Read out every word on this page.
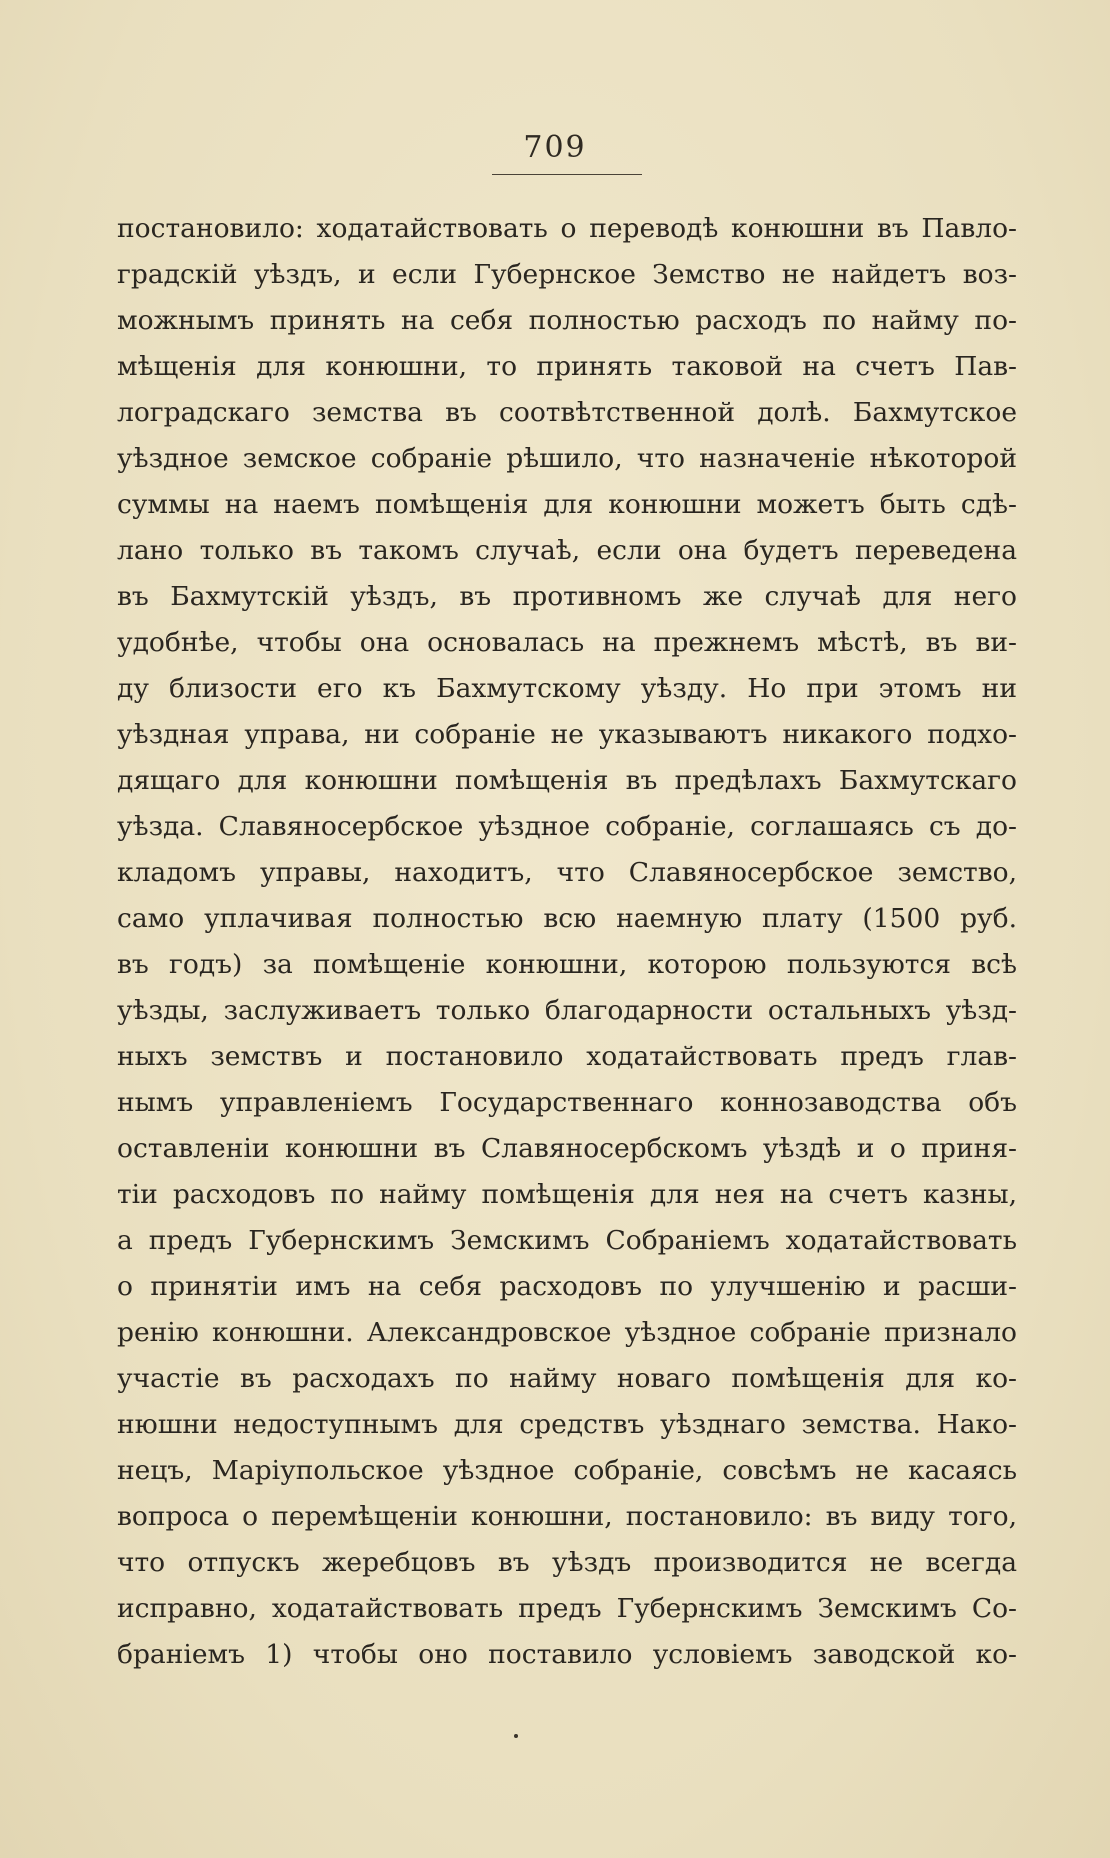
709
постановило: ходатайствовать о переводѣ конюшни въ Павло-
градскій уѣздъ, и если Губернское Земство не найдетъ воз-
можнымъ принять на себя полностью расходъ по найму по-
мѣщенія для конюшни, то принять таковой на счетъ Пав-
лоградскаго земства въ соотвѣтственной долѣ. Бахмутское
уѣздное земское собраніе рѣшило, что назначеніе нѣкоторой
суммы на наемъ помѣщенія для конюшни можетъ быть сдѣ-
лано только въ такомъ случаѣ, если она будетъ переведена
въ Бахмутскій уѣздъ, въ противномъ же случаѣ для него
удобнѣе, чтобы она основалась на прежнемъ мѣстѣ, въ ви-
ду близости его къ Бахмутскому уѣзду. Но при этомъ ни
уѣздная управа, ни собраніе не указываютъ никакого подхо-
дящаго для конюшни помѣщенія въ предѣлахъ Бахмутскаго
уѣзда. Славяносербское уѣздное собраніе, соглашаясь съ до-
кладомъ управы, находитъ, что Славяносербское земство,
само уплачивая полностью всю наемную плату (1500 руб.
въ годъ) за помѣщеніе конюшни, которою пользуются всѣ
уѣзды, заслуживаетъ только благодарности остальныхъ уѣзд-
ныхъ земствъ и постановило ходатайствовать предъ глав-
нымъ управленіемъ Государственнаго коннозаводства объ
оставленіи конюшни въ Славяносербскомъ уѣздѣ и о приня-
тіи расходовъ по найму помѣщенія для нея на счетъ казны,
а предъ Губернскимъ Земскимъ Собраніемъ ходатайствовать
о принятіи имъ на себя расходовъ по улучшенію и расши-
ренію конюшни. Александровское уѣздное собраніе признало
участіе въ расходахъ по найму новаго помѣщенія для ко-
нюшни недоступнымъ для средствъ уѣзднаго земства. Нако-
нецъ, Маріупольское уѣздное собраніе, совсѣмъ не касаясь
вопроса о перемѣщеніи конюшни, постановило: въ виду того,
что отпускъ жеребцовъ въ уѣздъ производится не всегда
исправно, ходатайствовать предъ Губернскимъ Земскимъ Со-
браніемъ 1) чтобы оно поставило условіемъ заводской ко-
